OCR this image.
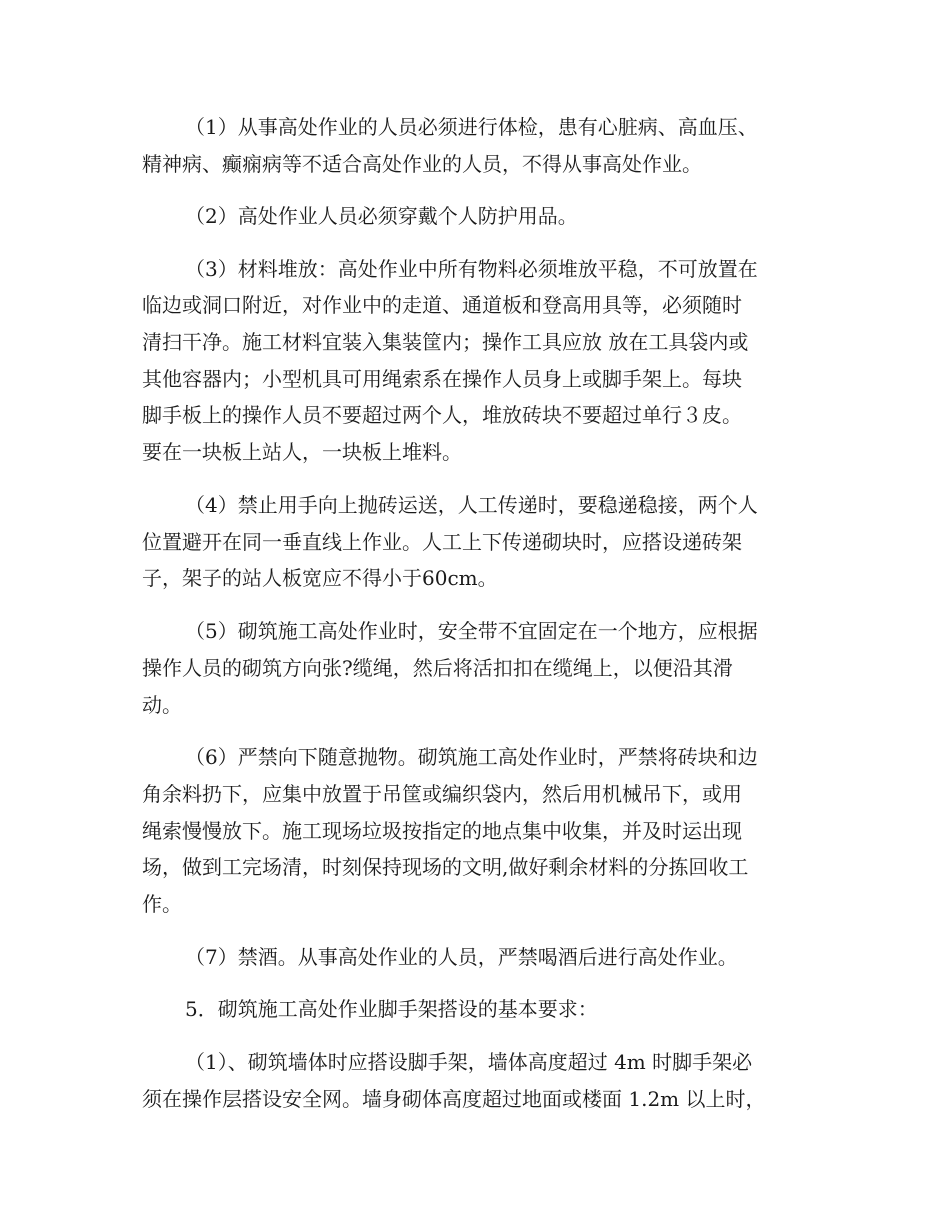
（1）从事高处作业的人员必须进行体检，患有心脏病、高血压、

精神病、癫痫病等不适合高处作业的人员，不得从事高处作业。

（2）高处作业人员必须穿戴个人防护用品。

（3）材料堆放：高处作业中所有物料必须堆放平稳，不可放置在

临边或洞口附近，对作业中的走道、通道板和登高用具等，必须随时

清扫干净。施工材料宜装入集装筐内；操作工具应放 放在工具袋内或

其他容器内；小型机具可用绳索系在操作人员身上或脚手架上。每块

脚手板上的操作人员不要超过两个人，堆放砖块不要超过单行３皮。

要在一块板上站人，一块板上堆料。

（4）禁止用手向上抛砖运送，人工传递时，要稳递稳接，两个人

位置避开在同一垂直线上作业。人工上下传递砌块时，应搭设递砖架

子，架子的站人板宽应不得小于60cm。

（5）砌筑施工高处作业时，安全带不宜固定在一个地方，应根据

操作人员的砌筑方向张?缆绳，然后将活扣扣在缆绳上，以便沿其滑

动。

（6）严禁向下随意抛物。砌筑施工高处作业时，严禁将砖块和边

角余料扔下，应集中放置于吊筐或编织袋内，然后用机械吊下，或用

绳索慢慢放下。施工现场垃圾按指定的地点集中收集，并及时运出现

场，做到工完场清，时刻保持现场的文明,做好剩余材料的分拣回收工

作。

（7）禁酒。从事高处作业的人员，严禁喝酒后进行高处作业。

5．砌筑施工高处作业脚手架搭设的基本要求：

（1）、砌筑墙体时应搭设脚手架，墙体高度超过 4m 时脚手架必

须在操作层搭设安全网。墙身砌体高度超过地面或楼面 1.2m 以上时，
